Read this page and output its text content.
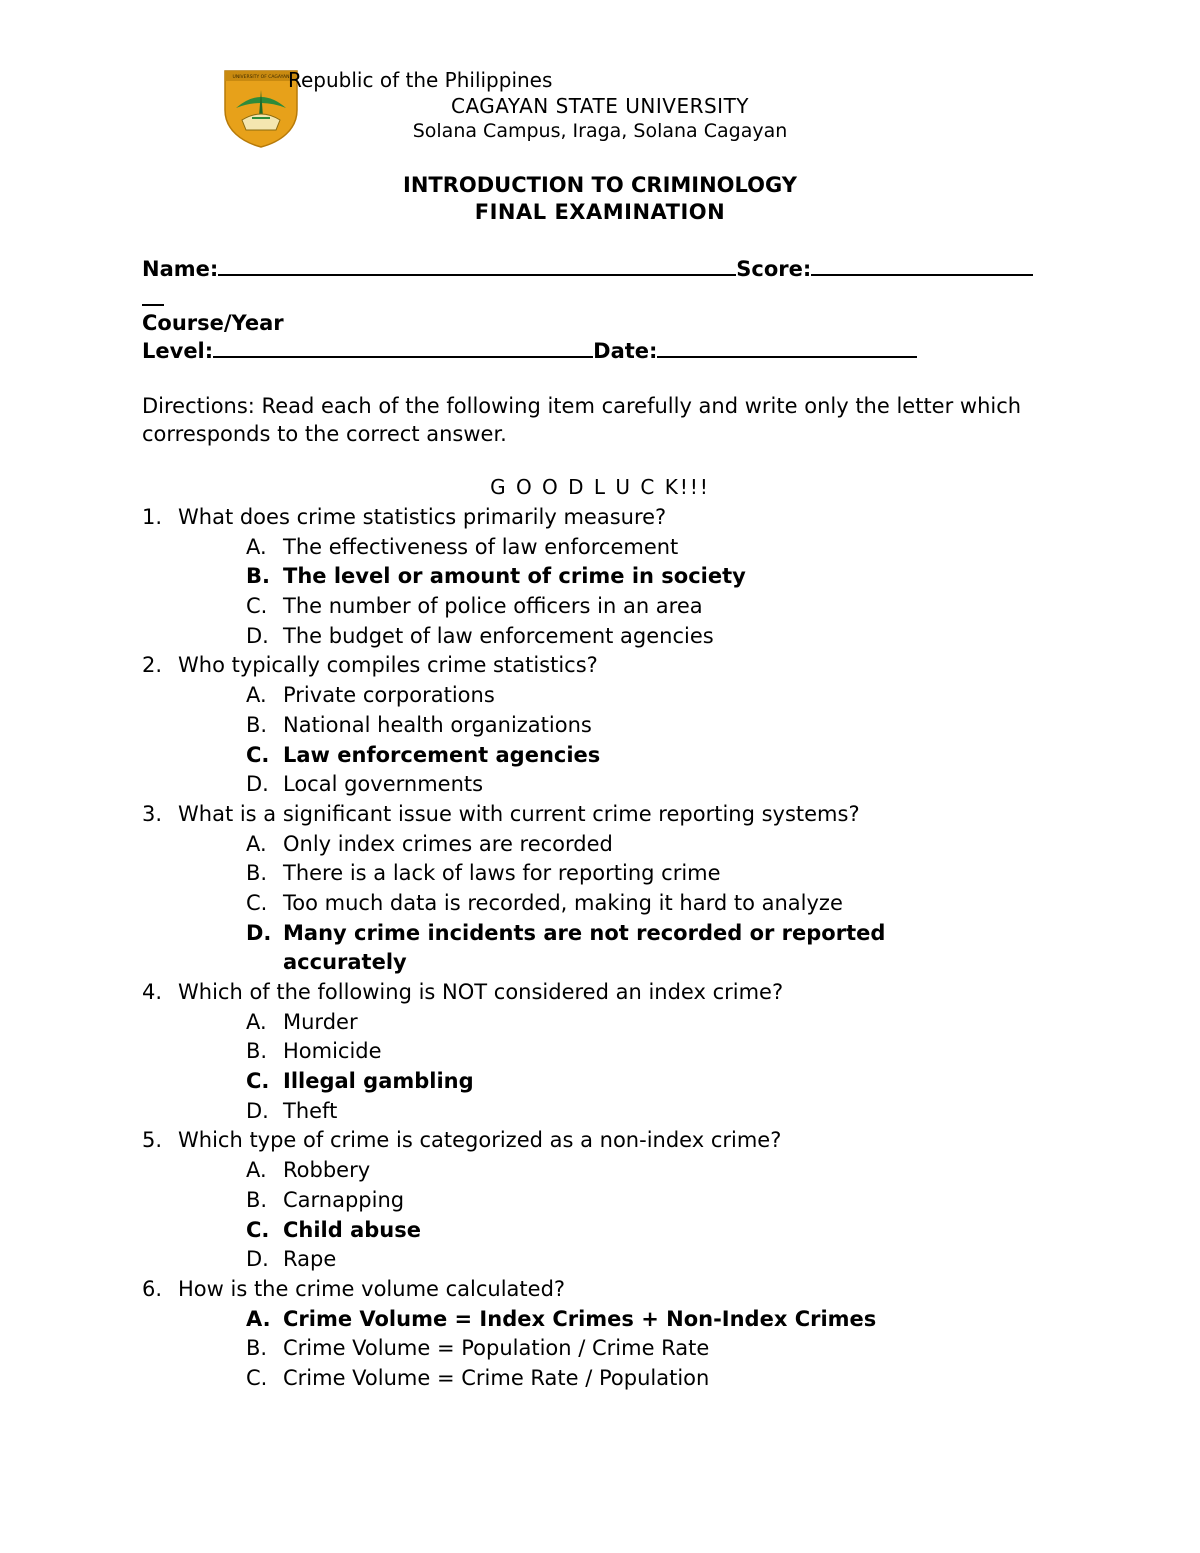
UNIVERSITY OF CAGAYAN
Republic of the Philippines
CAGAYAN STATE UNIVERSITY
Solana Campus, Iraga, Solana Cagayan
INTRODUCTION TO CRIMINOLOGY
FINAL EXAMINATION
Name:	Score:
Course/Year
Level:	Date:
Directions: Read each of the following item carefully and write only the letter which corresponds to the correct answer.
G O O D L U C K!!!
1. What does crime statistics primarily measure?
A. The effectiveness of law enforcement
B. The level or amount of crime in society
C. The number of police officers in an area
D. The budget of law enforcement agencies
2. Who typically compiles crime statistics?
A. Private corporations
B. National health organizations
C. Law enforcement agencies
D. Local governments
3. What is a significant issue with current crime reporting systems?
A. Only index crimes are recorded
B. There is a lack of laws for reporting crime
C. Too much data is recorded, making it hard to analyze
D. Many crime incidents are not recorded or reported
accurately
4. Which of the following is NOT considered an index crime?
A. Murder
B. Homicide
C. Illegal gambling
D. Theft
5. Which type of crime is categorized as a non-index crime?
A. Robbery
B. Carnapping
C. Child abuse
D. Rape
6. How is the crime volume calculated?
A. Crime Volume = Index Crimes + Non-Index Crimes
B. Crime Volume = Population / Crime Rate
C. Crime Volume = Crime Rate / Population
